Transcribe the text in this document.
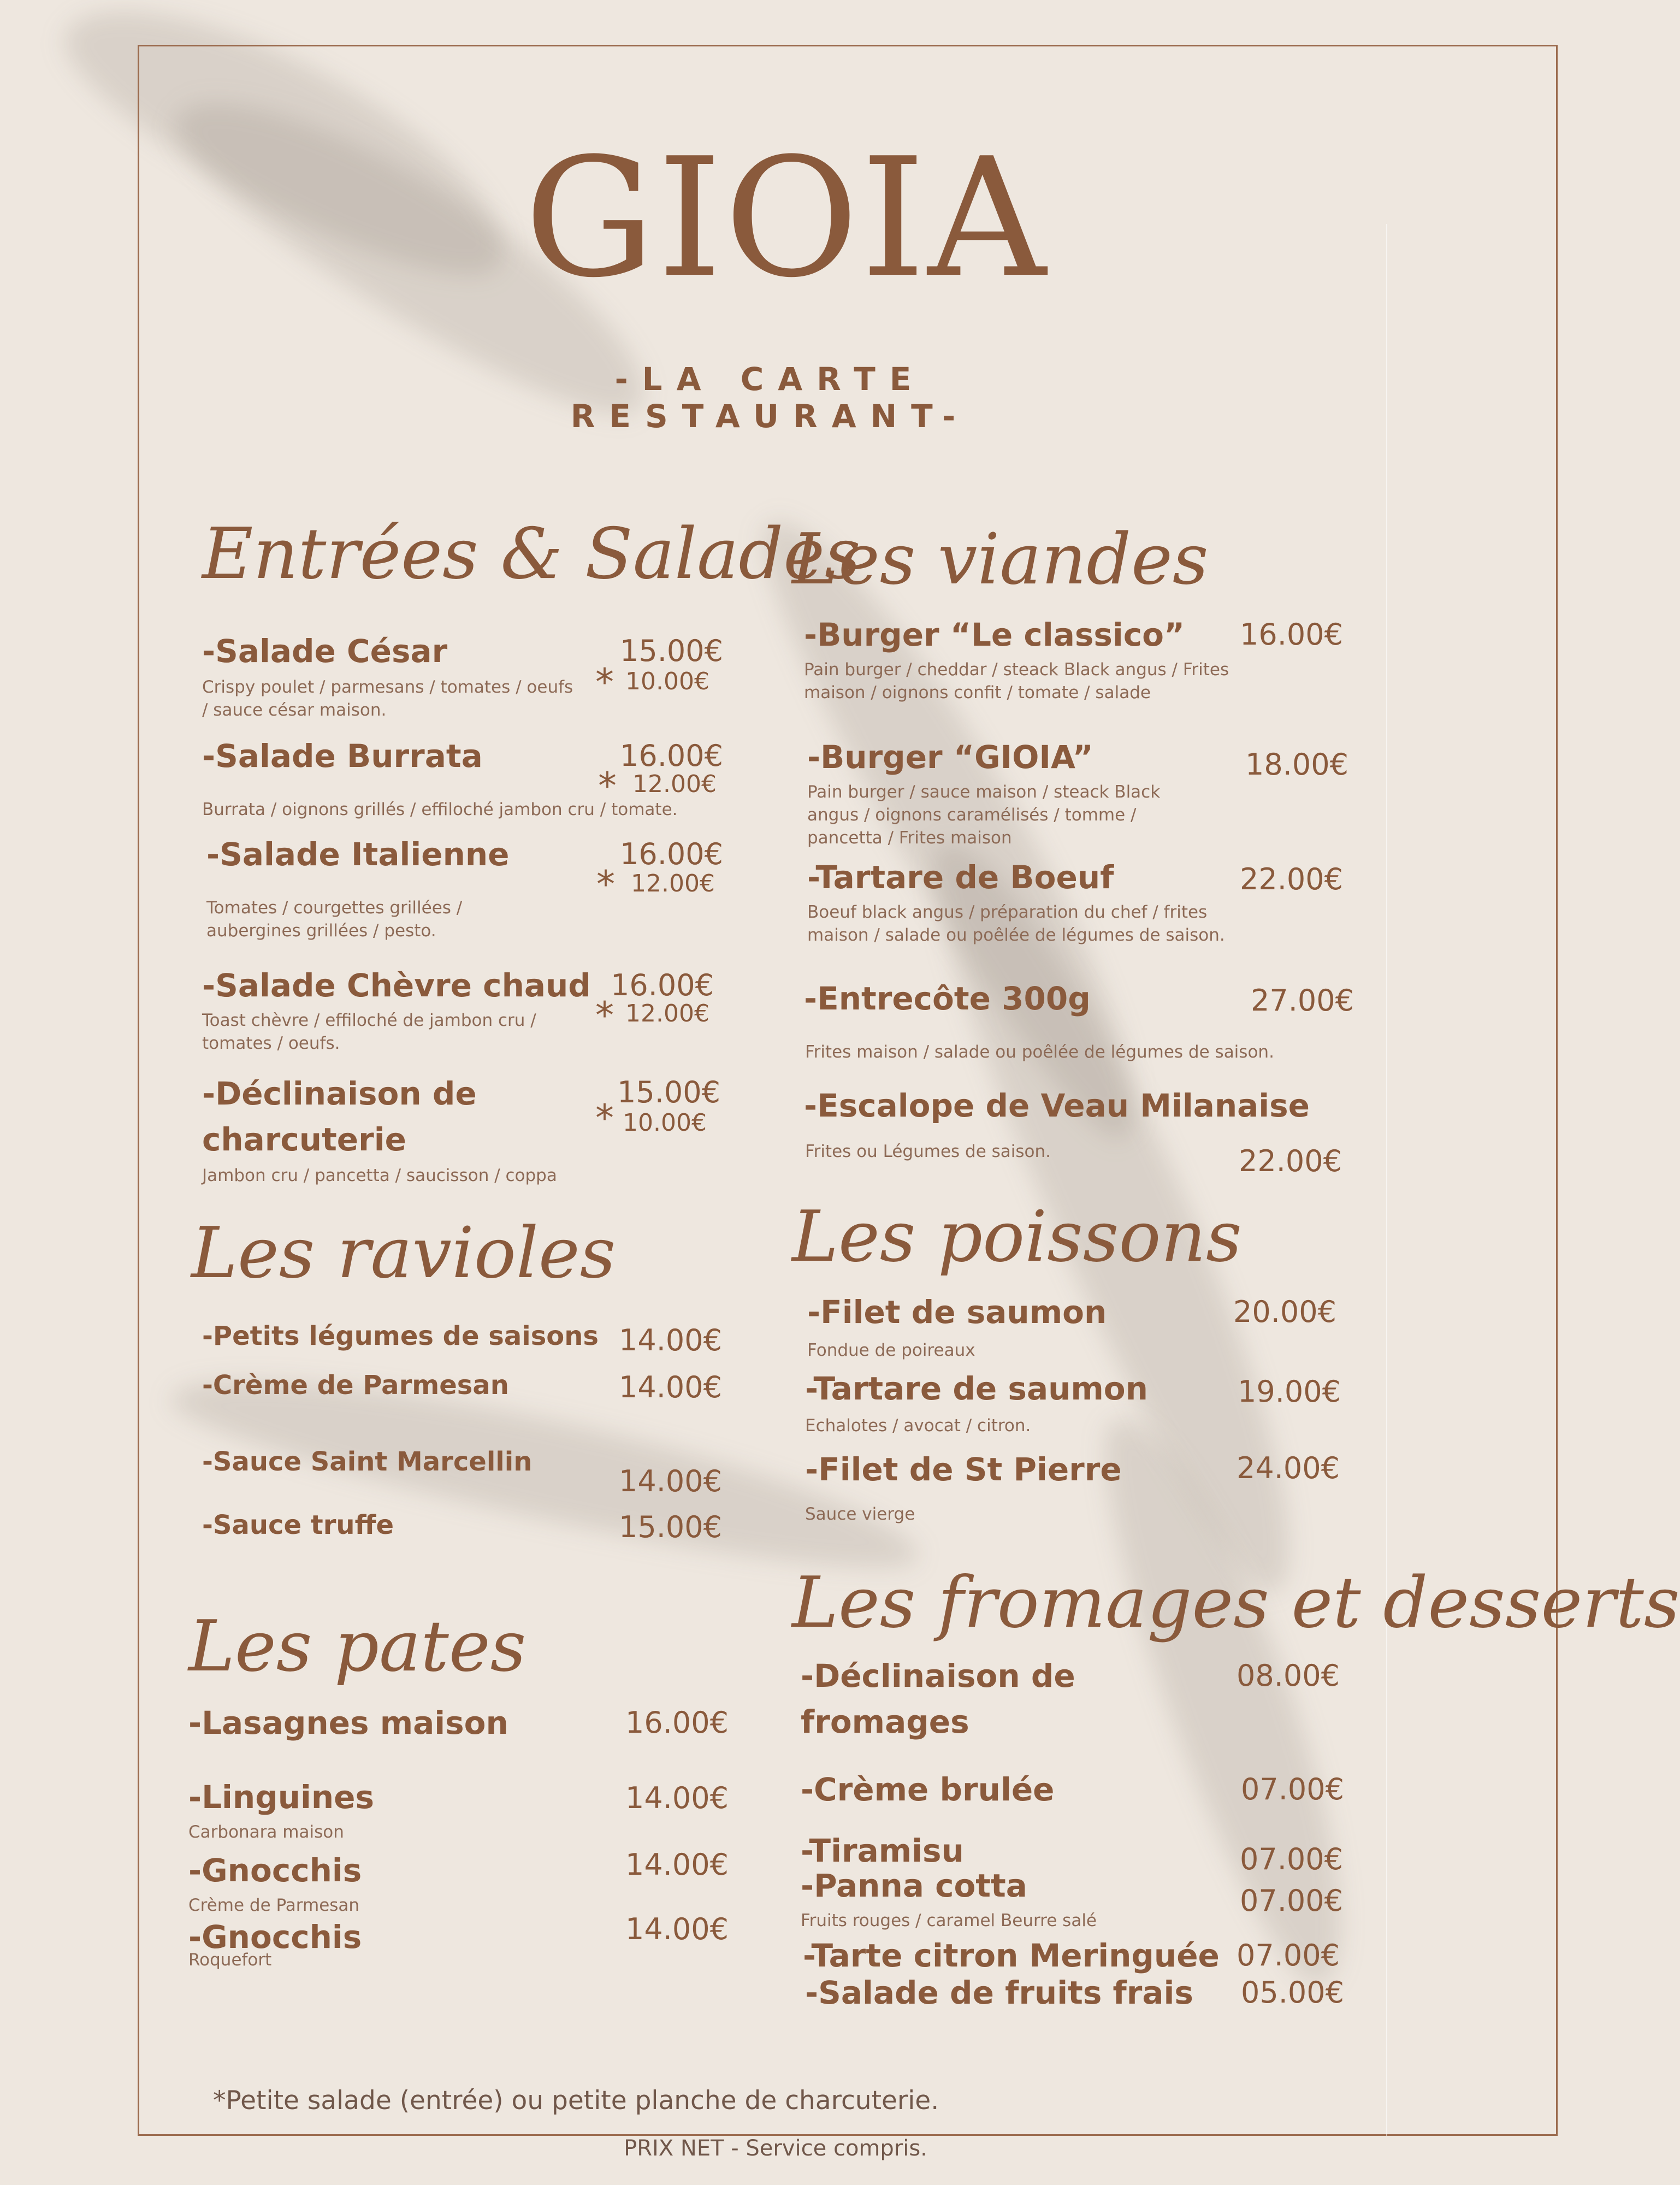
GIOIA
-LA CARTE RESTAURANT-
Entrées & Salades
-Salade César	15.00€
* 10.00€
Crispy poulet / parmesans / tomates / oeufs / sauce césar maison.
-Salade Burrata	16.00€
* 12.00€
Burrata / oignons grillés / effiloché jambon cru / tomate.
-Salade Italienne	16.00€
* 12.00€
Tomates / courgettes grillées / aubergines grillées / pesto.
-Salade Chèvre chaud 16.00€
* 12.00€
Toast chèvre / effiloché de jambon cru / tomates / oeufs.
-Déclinaison de charcuterie
15.00€
* 10.00€
Jambon cru / pancetta / saucisson / coppa
Les ravioles
-Petits légumes de saisons 14.00€
-Crème de Parmesan	14.00€
-Sauce Saint Marcellin
14.00€
-Sauce truffe	15.00€
Les pates
-Lasagnes maison	16.00€
-Linguines	14.00€
Carbonara maison
-Gnocchis	14.00€
Crème de Parmesan
-Gnocchis	14.00€
Roquefort
Les viandes
-Burger “Le classico” 16.00€
Pain burger / cheddar / steack Black angus / Frites maison / oignons confit / tomate / salade
-Burger “GIOIA”	18.00€
Pain burger / sauce maison / steack Black angus / oignons caramélisés / tomme / pancetta / Frites maison
-Tartare de Boeuf	22.00€
Boeuf black angus / préparation du chef / frites maison / salade ou poêlée de légumes de saison.
-Entrecôte 300g	27.00€
Frites maison / salade ou poêlée de légumes de saison.
-Escalope de Veau Milanaise
Frites ou Légumes de saison.	22.00€
Les poissons
-Filet de saumon	20.00€
Fondue de poireaux
-Tartare de saumon	19.00€
Echalotes / avocat / citron.
-Filet de St Pierre	24.00€
Sauce vierge
Les fromages et desserts
-Déclinaison de fromages
08.00€
-Crème brulée	07.00€
-Tiramisu	07.00€
-Panna cotta	07.00€
Fruits rouges / caramel Beurre salé
-Tarte citron Meringuée 07.00€
-Salade de fruits frais 05.00€
*Petite salade (entrée) ou petite planche de charcuterie.
PRIX NET - Service compris.
